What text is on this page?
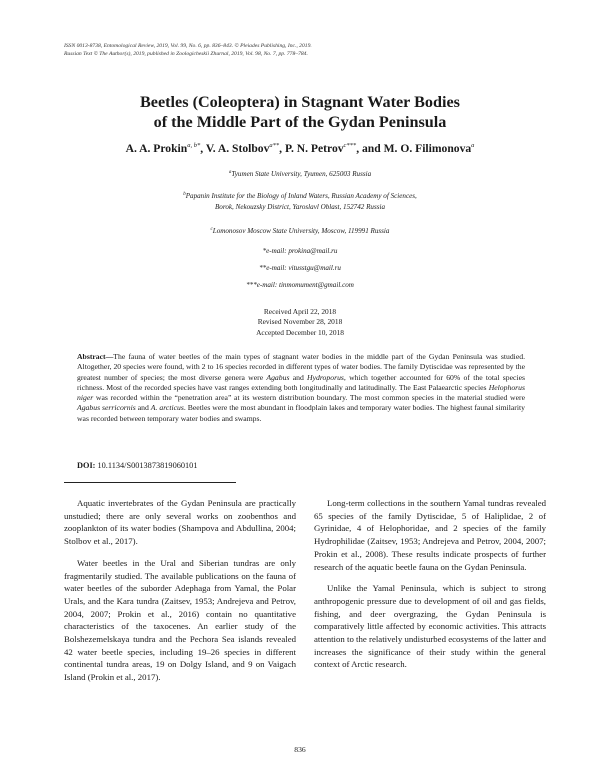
ISSN 0013-8738, Entomological Review, 2019, Vol. 99, No. 6, pp. 836–843. © Pleiades Publishing, Inc., 2019.
Russian Text © The Author(s), 2019, published in Zoologicheskii Zhurnal, 2019, Vol. 98, No. 7, pp. 778–784.
Beetles (Coleoptera) in Stagnant Water Bodies
of the Middle Part of the Gydan Peninsula
A. A. Prokin$^{a, b*}$, V. A. Stolbov$^{a**}$, P. N. Petrov$^{c***}$, and M. O. Filimonova$^a$
$^a$Tyumen State University, Tyumen, 625003 Russia
$^b$Papanin Institute for the Biology of Inland Waters, Russian Academy of Sciences,
Borok, Nekouzsky District, Yaroslavl Oblast, 152742 Russia
$^c$Lomonosov Moscow State University, Moscow, 119991 Russia
*e-mail: prokina@mail.ru
**e-mail: vitusstgu@mail.ru
***e-mail: tinmomument@gmail.com
Received April 22, 2018
Revised November 28, 2018
Accepted December 10, 2018
Abstract—The fauna of water beetles of the main types of stagnant water bodies in the middle part of the Gydan Peninsula was studied. Altogether, 20 species were found, with 2 to 16 species recorded in different types of water bodies. The family Dytiscidae was represented by the greatest number of species; the most diverse genera were Agabus and Hydroporus, which together accounted for 60% of the total species richness. Most of the recorded species have vast ranges extending both longitudinally and latitudinally. The East Palaearctic species Helophorus niger was recorded within the “penetration area” at its western distribution boundary. The most common species in the material studied were Agabus serricornis and A. arcticus. Beetles were the most abundant in floodplain lakes and temporary water bodies. The highest faunal similarity was recorded between temporary water bodies and swamps.
DOI: 10.1134/S0013873819060101

Aquatic invertebrates of the Gydan Peninsula are practically unstudied; there are only several works on zoobenthos and zooplankton of its water bodies (Shampova and Abdullina, 2004; Stolbov et al., 2017).

Water beetles in the Ural and Siberian tundras are only fragmentarily studied. The available publications on the fauna of water beetles of the suborder Adephaga from Yamal, the Polar Urals, and the Kara tundra (Zaitsev, 1953; Andrejeva and Petrov, 2004, 2007; Prokin et al., 2016) contain no quantitative characteristics of the taxocenes. An earlier study of the Bolshezemelskaya tundra and the Pechora Sea islands revealed 42 water beetle species, including 19–26 species in different continental tundra areas, 19 on Dolgy Island, and 9 on Vaigach Island (Prokin et al., 2017).

Long-term collections in the southern Yamal tundras revealed 65 species of the family Dytiscidae, 5 of Haliplidae, 2 of Gyrinidae, 4 of Helophoridae, and 2 species of the family Hydrophilidae (Zaitsev, 1953; Andrejeva and Petrov, 2004, 2007; Prokin et al., 2008). These results indicate prospects of further research of the aquatic beetle fauna on the Gydan Peninsula.

Unlike the Yamal Peninsula, which is subject to strong anthropogenic pressure due to development of oil and gas fields, fishing, and deer overgrazing, the Gydan Peninsula is comparatively little affected by economic activities. This attracts attention to the relatively undisturbed ecosystems of the latter and increases the significance of their study within the general context of Arctic research.

836
